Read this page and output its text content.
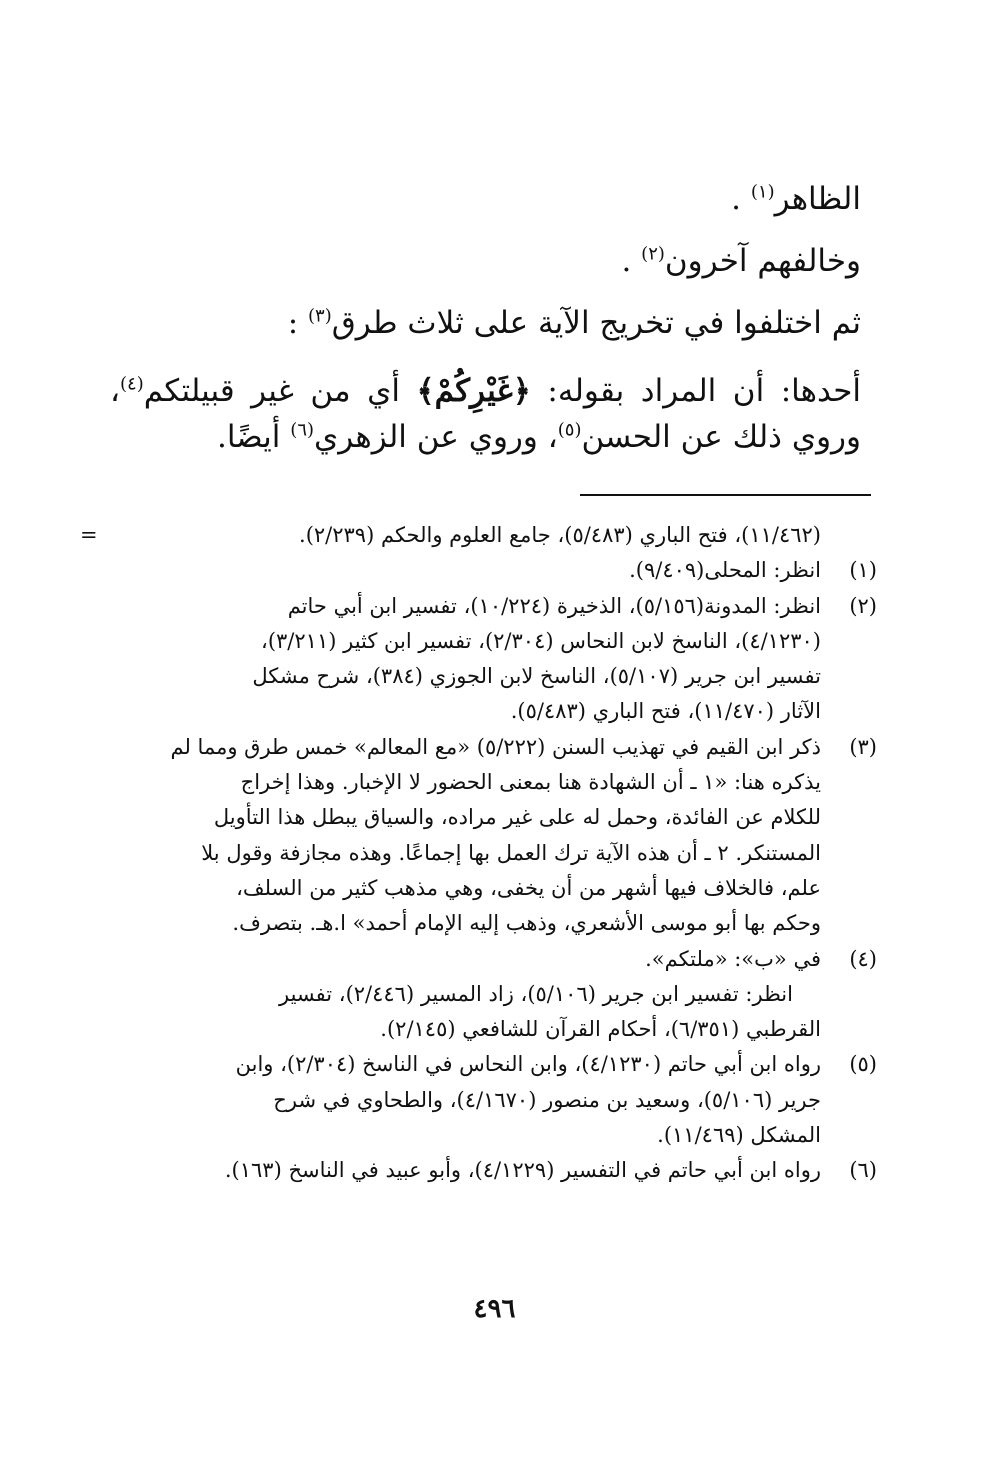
الظاهر$^{(١)}$ .

وخالفهم آخرون$^{(٢)}$ .

ثم اختلفوا في تخريج الآية على ثلاث طرق$^{(٣)}$ :

أحدها: أن المراد بقوله: ﴿غَيْرِكُمْ﴾ أي من غير قبيلتكم$^{(٤)}$، وروي ذلك عن الحسن$^{(٥)}$، وروي عن الزهري$^{(٦)}$ أيضًا.

(١١/٤٦٢)، فتح الباري (٥/٤٨٣)، جامع العلوم والحكم (٢/٢٣٩).
=
(١)
انظر: المحلى(٩/٤٠٩).
(٢)
انظر: المدونة(٥/١٥٦)، الذخيرة (١٠/٢٢٤)، تفسير ابن أبي حاتم
(٤/١٢٣٠)، الناسخ لابن النحاس (٢/٣٠٤)، تفسير ابن كثير (٣/٢١١)،
تفسير ابن جرير (٥/١٠٧)، الناسخ لابن الجوزي (٣٨٤)، شرح مشكل
الآثار (١١/٤٧٠)، فتح الباري (٥/٤٨٣).
(٣)
ذكر ابن القيم في تهذيب السنن (٥/٢٢٢) «مع المعالم» خمس طرق ومما لم
يذكره هنا: «١ ـ أن الشهادة هنا بمعنى الحضور لا الإخبار. وهذا إخراج
للكلام عن الفائدة، وحمل له على غير مراده، والسياق يبطل هذا التأويل
المستنكر. ٢ ـ أن هذه الآية ترك العمل بها إجماعًا. وهذه مجازفة وقول بلا
علم، فالخلاف فيها أشهر من أن يخفى، وهي مذهب كثير من السلف،
وحكم بها أبو موسى الأشعري، وذهب إليه الإمام أحمد» ا.هـ. بتصرف.
(٤)
في «ب»: «ملتكم».
انظر: تفسير ابن جرير (٥/١٠٦)، زاد المسير (٢/٤٤٦)، تفسير
القرطبي (٦/٣٥١)، أحكام القرآن للشافعي (٢/١٤٥).
(٥)
رواه ابن أبي حاتم (٤/١٢٣٠)، وابن النحاس في الناسخ (٢/٣٠٤)، وابن
جرير (٥/١٠٦)، وسعيد بن منصور (٤/١٦٧٠)، والطحاوي في شرح
المشكل (١١/٤٦٩).
(٦)
رواه ابن أبي حاتم في التفسير (٤/١٢٢٩)، وأبو عبيد في الناسخ (١٦٣).
٤٩٦
